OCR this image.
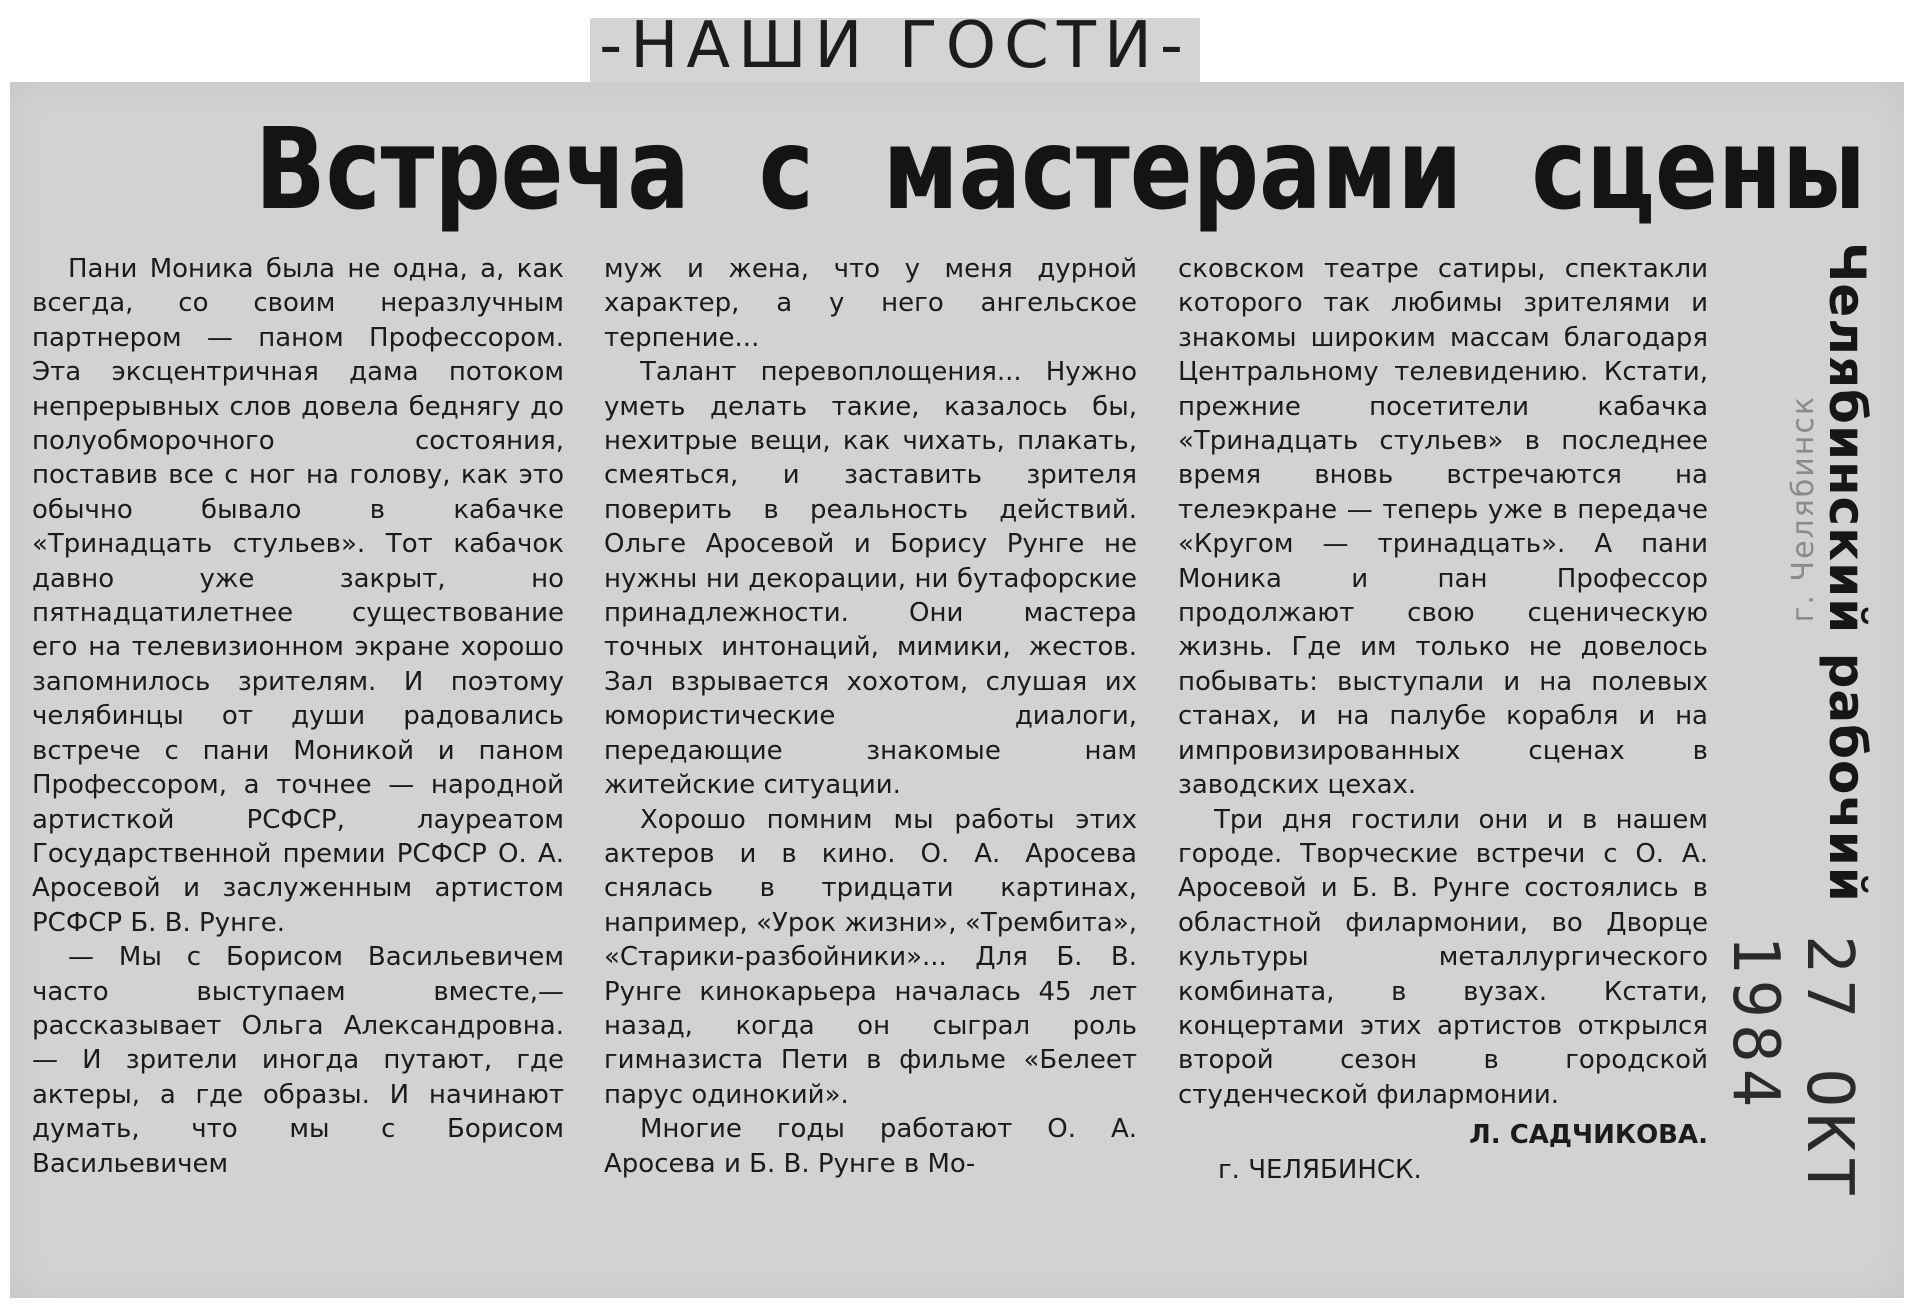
-НАШИ ГОСТИ-
Встреча с мастерами сцены

Пани Моника была не одна, а, как всегда, со своим неразлучным партнером — паном Профессором. Эта эксцентричная дама потоком непрерывных слов довела беднягу до полуобморочного состояния, поставив все с ног на голову, как это обычно бывало в кабачке «Тринадцать стульев». Тот кабачок давно уже закрыт, но пятнадцатилетнее существование его на телевизионном экране хорошо запомнилось зрителям. И поэтому челябинцы от души радовались встрече с пани Моникой и паном Профессором, а точнее — народной артисткой РСФСР, лауреатом Государственной премии РСФСР О. А. Аросевой и заслуженным артистом РСФСР Б. В. Рунге.

— Мы с Борисом Васильевичем часто выступаем вместе,— рассказывает Ольга Александровна. — И зрители иногда путают, где актеры, а где образы. И начинают думать, что мы с Борисом Васильевичем

муж и жена, что у меня дурной характер, а у него ангельское терпение...

Талант перевоплощения... Нужно уметь делать такие, казалось бы, нехитрые вещи, как чихать, плакать, смеяться, и заставить зрителя поверить в реальность действий. Ольге Аросевой и Борису Рунге не нужны ни декорации, ни бутафорские принадлежности. Они мастера точных интонаций, мимики, жестов. Зал взрывается хохотом, слушая их юмористические диалоги, передающие знакомые нам житейские ситуации.

Хорошо помним мы работы этих актеров и в кино. О. А. Аросева снялась в тридцати картинах, например, «Урок жизни», «Трембита», «Старики-разбойники»... Для Б. В. Рунге кинокарьера началась 45 лет назад, когда он сыграл роль гимназиста Пети в фильме «Белеет парус одинокий».

Многие годы работают О. А. Аросева и Б. В. Рунге в Мо-

сковском театре сатиры, спектакли которого так любимы зрителями и знакомы широким массам благодаря Центральному телевидению. Кстати, прежние посетители кабачка «Тринадцать стульев» в последнее время вновь встречаются на телеэкране — теперь уже в передаче «Кругом — тринадцать». А пани Моника и пан Профессор продолжают свою сценическую жизнь. Где им только не довелось побывать: выступали и на полевых станах, и на палубе корабля и на импровизированных сценах в заводских цехах.

Три дня гостили они и в нашем городе. Творческие встречи с О. А. Аросевой и Б. В. Рунге состоялись в областной филармонии, во Дворце культуры металлургического комбината, в вузах. Кстати, концертами этих артистов открылся второй сезон в городской студенческой филармонии.

Л. САДЧИКОВА.
г. ЧЕЛЯБИНСК.
Челябинский рабочий
г. Челябинск
27 ОКТ 1984
